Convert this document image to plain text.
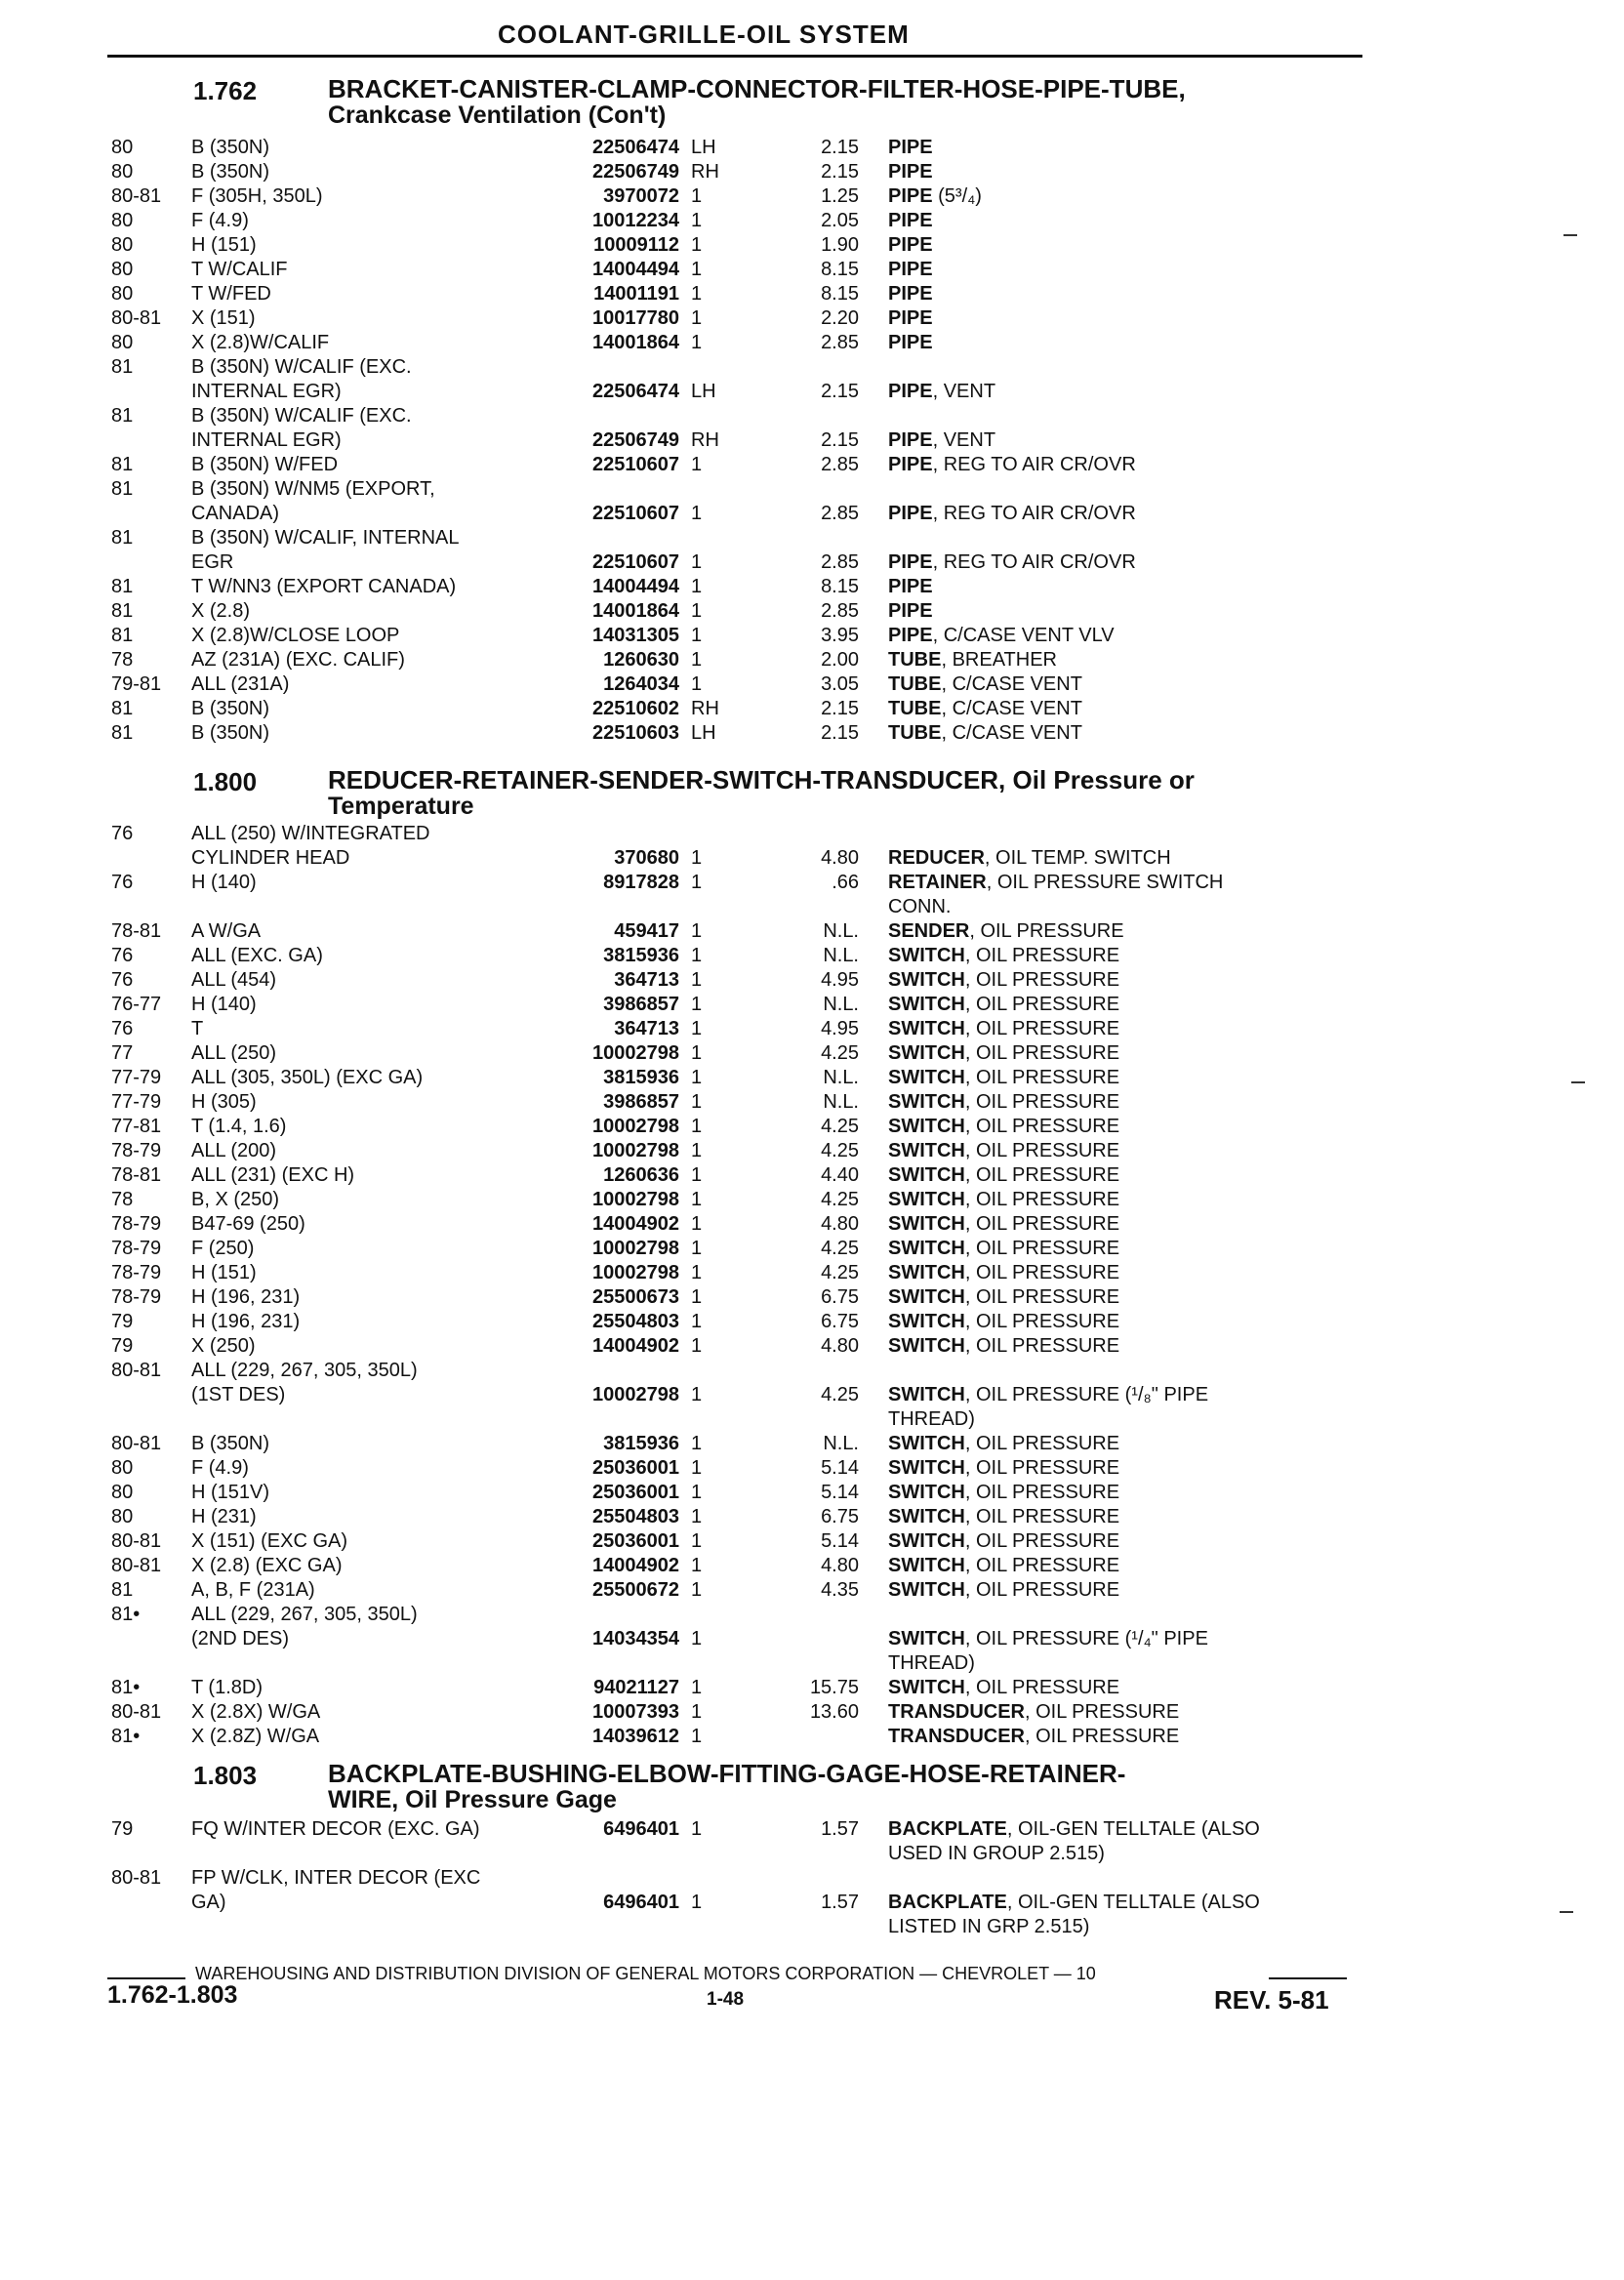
COOLANT-GRILLE-OIL SYSTEM
1.762	BRACKET-CANISTER-CLAMP-CONNECTOR-FILTER-HOSE-PIPE-TUBE,
Crankcase Ventilation (Con't)
80	B (350N)	22506474 LH	2.15 PIPE
80	B (350N)	22506749 RH	2.15 PIPE
80-81 F (305H, 350L)	3970072 1	1.25 PIPE (5³/₄)
80	F (4.9)	10012234 1	2.05 PIPE
80	H (151)	10009112 1	1.90 PIPE
80	T W/CALIF	14004494 1	8.15 PIPE
80	T W/FED	14001191 1	8.15 PIPE
80-81 X (151)	10017780 1	2.20 PIPE
80	X (2.8)W/CALIF	14001864 1	2.85 PIPE
81	B (350N) W/CALIF (EXC.
INTERNAL EGR)	22506474 LH	2.15 PIPE, VENT
81	B (350N) W/CALIF (EXC.
INTERNAL EGR)	22506749 RH	2.15 PIPE, VENT
81	B (350N) W/FED	22510607 1	2.85 PIPE, REG TO AIR CR/OVR
81	B (350N) W/NM5 (EXPORT,
CANADA)	22510607 1	2.85 PIPE, REG TO AIR CR/OVR
81	B (350N) W/CALIF, INTERNAL
EGR	22510607 1	2.85 PIPE, REG TO AIR CR/OVR
81	T W/NN3 (EXPORT CANADA)	14004494 1	8.15 PIPE
81	X (2.8)	14001864 1	2.85 PIPE
81	X (2.8)W/CLOSE LOOP	14031305 1	3.95 PIPE, C/CASE VENT VLV
78	AZ (231A) (EXC. CALIF)	1260630 1	2.00 TUBE, BREATHER
79-81 ALL (231A)	1264034 1	3.05 TUBE, C/CASE VENT
81	B (350N)	22510602 RH	2.15 TUBE, C/CASE VENT
81	B (350N)	22510603 LH	2.15 TUBE, C/CASE VENT
1.800	REDUCER-RETAINER-SENDER-SWITCH-TRANSDUCER, Oil Pressure or
Temperature
76	ALL (250) W/INTEGRATED
CYLINDER HEAD	370680 1	4.80 REDUCER, OIL TEMP. SWITCH
76	H (140)	8917828 1	.66 RETAINER, OIL PRESSURE SWITCH
CONN.
78-81 A W/GA	459417 1	N.L. SENDER, OIL PRESSURE
76	ALL (EXC. GA)	3815936 1	N.L. SWITCH, OIL PRESSURE
76	ALL (454)	364713 1	4.95 SWITCH, OIL PRESSURE
76-77 H (140)	3986857 1	N.L. SWITCH, OIL PRESSURE
76	T	364713 1	4.95 SWITCH, OIL PRESSURE
77	ALL (250)	10002798 1	4.25 SWITCH, OIL PRESSURE
77-79 ALL (305, 350L) (EXC GA)	3815936 1	N.L. SWITCH, OIL PRESSURE
77-79 H (305)	3986857 1	N.L. SWITCH, OIL PRESSURE
77-81 T (1.4, 1.6)	10002798 1	4.25 SWITCH, OIL PRESSURE
78-79 ALL (200)	10002798 1	4.25 SWITCH, OIL PRESSURE
78-81 ALL (231) (EXC H)	1260636 1	4.40 SWITCH, OIL PRESSURE
78	B, X (250)	10002798 1	4.25 SWITCH, OIL PRESSURE
78-79 B47-69 (250)	14004902 1	4.80 SWITCH, OIL PRESSURE
78-79 F (250)	10002798 1	4.25 SWITCH, OIL PRESSURE
78-79 H (151)	10002798 1	4.25 SWITCH, OIL PRESSURE
78-79 H (196, 231)	25500673 1	6.75 SWITCH, OIL PRESSURE
79	H (196, 231)	25504803 1	6.75 SWITCH, OIL PRESSURE
79	X (250)	14004902 1	4.80 SWITCH, OIL PRESSURE
80-81 ALL (229, 267, 305, 350L)
(1ST DES)	10002798 1	4.25 SWITCH, OIL PRESSURE (¹/₈" PIPE
THREAD)
80-81 B (350N)	3815936 1	N.L. SWITCH, OIL PRESSURE
80	F (4.9)	25036001 1	5.14 SWITCH, OIL PRESSURE
80	H (151V)	25036001 1	5.14 SWITCH, OIL PRESSURE
80	H (231)	25504803 1	6.75 SWITCH, OIL PRESSURE
80-81 X (151) (EXC GA)	25036001 1	5.14 SWITCH, OIL PRESSURE
80-81 X (2.8) (EXC GA)	14004902 1	4.80 SWITCH, OIL PRESSURE
81	A, B, F (231A)	25500672 1	4.35 SWITCH, OIL PRESSURE
81•	ALL (229, 267, 305, 350L)
(2ND DES)	14034354 1	SWITCH, OIL PRESSURE (¹/₄" PIPE
THREAD)
81•	T (1.8D)	94021127 1	15.75 SWITCH, OIL PRESSURE
80-81 X (2.8X) W/GA	10007393 1	13.60 TRANSDUCER, OIL PRESSURE
81•	X (2.8Z) W/GA	14039612 1	TRANSDUCER, OIL PRESSURE
1.803	BACKPLATE-BUSHING-ELBOW-FITTING-GAGE-HOSE-RETAINER-
WIRE, Oil Pressure Gage
79	FQ W/INTER DECOR (EXC. GA)	6496401 1	1.57 BACKPLATE, OIL-GEN TELLTALE (ALSO
USED IN GROUP 2.515)
80-81 FP W/CLK, INTER DECOR (EXC
GA)	6496401 1	1.57 BACKPLATE, OIL-GEN TELLTALE (ALSO
LISTED IN GRP 2.515)
WAREHOUSING AND DISTRIBUTION DIVISION OF GENERAL MOTORS CORPORATION — CHEVROLET — 10
1.762-1.803	1-48	REV. 5-81
